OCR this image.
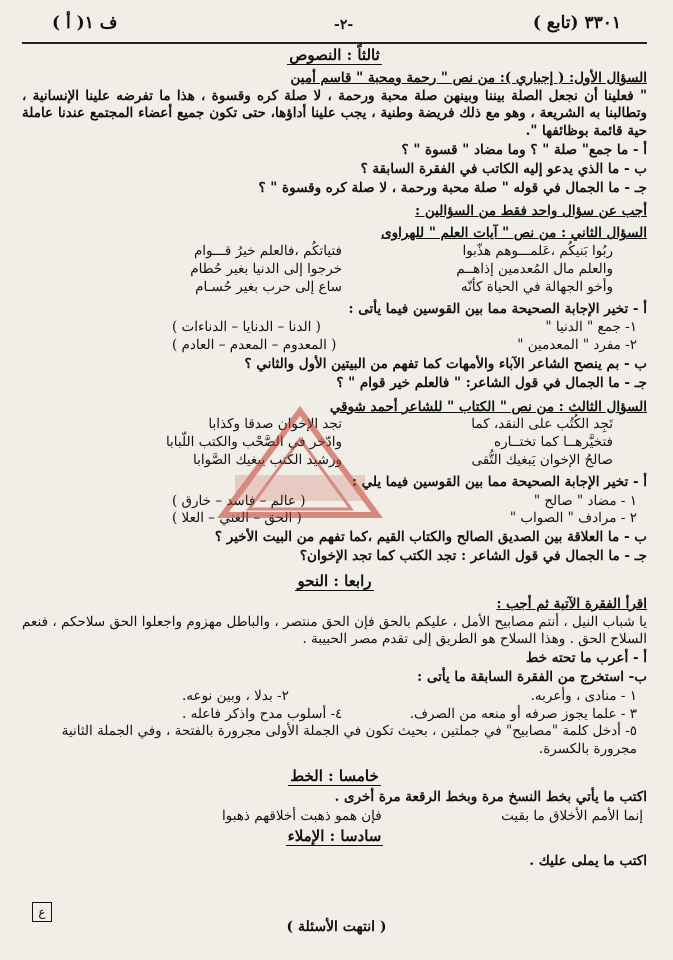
٣٣٠١ (تابع )
-٢-
ف ١( أ )
ثالثاً : النصوص
السؤال الأول: ( إجباري ): من نص " رحمة ومحبة " قاسم أمين

" فعلينا أن نجعل الصلة بيننا وبينهن صلة محبة ورحمة ، لا صلة كره وقسوة ، هذا ما تفرضه علينا الإنسانية ، وتطالبنا به الشريعة ، وهو مع ذلك فريضة وطنية ، يجب علينا أداؤها، حتى تكون جميع أعضاء المجتمع عندنا عاملة حية قائمة بوظائفها ".

أ - ما جمع" صلة " ؟ وما مضاد " قسوة " ؟
ب - ما الذي يدعو إليه الكاتب في الفقرة السابقة ؟
جـ - ما الجمال في قوله " صلة محبة ورحمة ، لا صلة كره وقسوة " ؟
أجب عن سؤال واحد فقط من السؤالين :
السؤال الثاني : من نص " آيات العلم " للهراوى
ربُوا بَنيكُم ،عَلمـــوهم هذّبوا
فتياتكُم ،فالعلم خيرُ قـــوام
والعلم مال المُعدمين إذاهــم
خرجوا إلى الدنيا بغير حُطام
وأخو الجهالة في الحياة كأنّه
ساع إلى حرب بغير حُسـام
أ - تخير الإجابة الصحيحة مما بين القوسين فيما يأتى :
١- جمع " الدنيا "
( الدنا – الدنايا – الدناءات )
٢- مفرد " المعدمين "
( المعدوم – المعدم – العادم )
ب - بم ينصح الشاعر الآباء والأمهات كما تفهم من البيتين الأول والثاني ؟
جـ - ما الجمال في قول الشاعر: " فالعلم خير قوام " ؟
السؤال الثالث : من نص " الكتاب " للشاعر أحمد شوقي
تَجِد الكُتُب على النقد، كما
تجد الإخوان صدقا وكذابا
فتخيَّرهــا كما تختــاره
وادّخر في الصَّحْب والكتب اللّبابا
صالحُ الإخوان يَبغيك التُّقى
ورشيد الكتب يبغيك الصَّوابا
أ - تخير الإجابة الصحيحة مما بين القوسين فيما يلي :
١ - مضاد " صالح "
( عالم – فاسد – خارق )
٢ - مرادف " الصواب "
( الحق – الغني – العلا )
ب - ما العلاقة بين الصديق الصالح والكتاب القيم ،كما تفهم من البيت الأخير ؟
جـ - ما الجمال في قول الشاعر : تجد الكتب كما تجد الإخوان؟
رابعا : النحو
اقرأ الفقرة الآتية ثم أجب :

يا شباب النيل ، أنتم مصابيح الأمل ، عليكم بالحق فإن الحق منتصر ، والباطل مهزوم واجعلوا الحق سلاحكم ، فنعم السلاح الحق . وهذا السلاح هو الطريق إلى تقدم مصر الحبيبة .

أ - أعرب ما تحته خط
ب- استخرج من الفقرة السابقة ما يأتى :
١ - منادى ، وأعربه.
٢- بدلا ، وبين نوعه.
٣ - علما يجوز صرفه أو منعه من الصرف.
٤- أسلوب مدح واذكر فاعله .
٥- أدخل كلمة "مصابيح" في جملتين ، بحيث تكون في الجملة الأولى مجرورة بالفتحة ، وفي الجملة الثانية مجرورة بالكسرة.
خامسا : الخط
اكتب ما يأتي بخط النسخ مرة وبخط الرقعة مرة أخرى .
إنما الأمم الأخلاق ما بقيت
فإن همو ذهبت أخلاقهم ذهبوا
سادسا : الإملاء
اكتب ما يملى عليك .
ع
( انتهت الأسئلة )
